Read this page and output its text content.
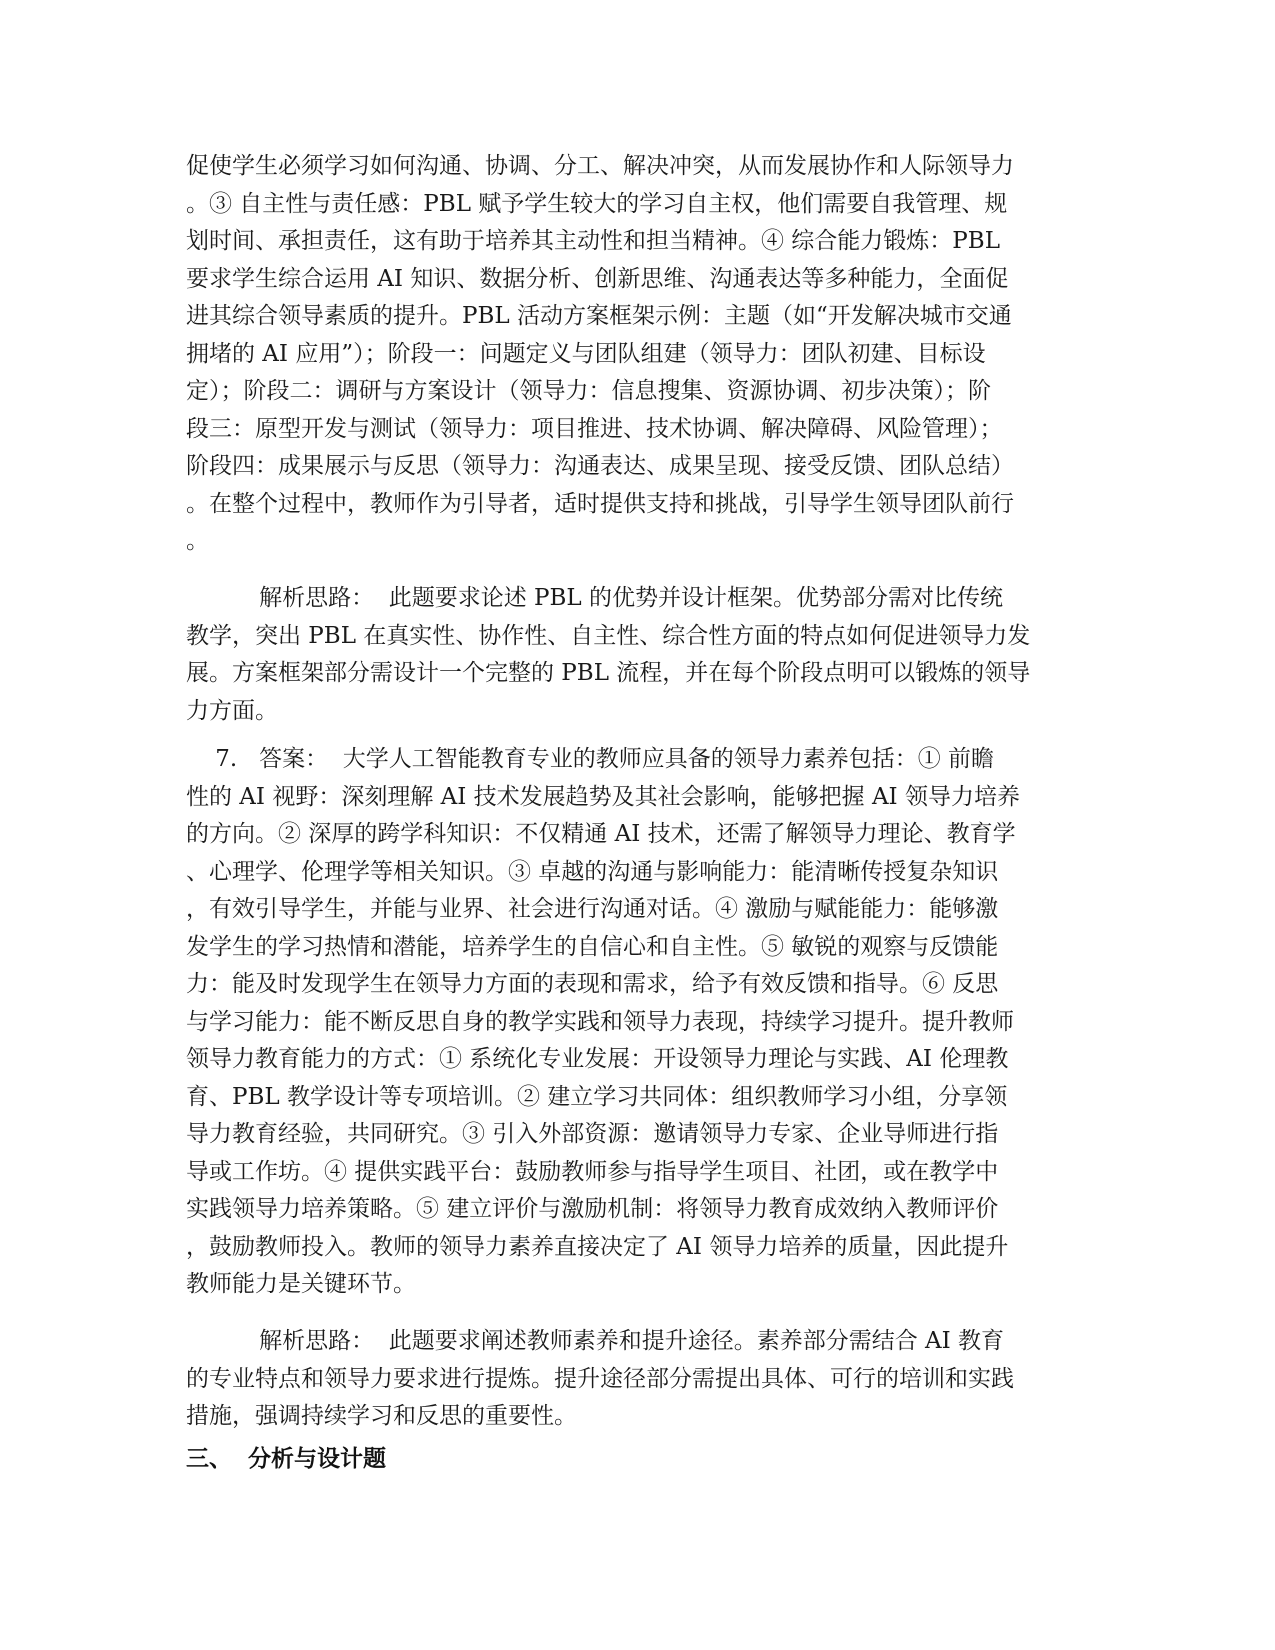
促使学生必须学习如何沟通、协调、分工、解决冲突，从而发展协作和人际领导力
。③ 自主性与责任感：PBL 赋予学生较大的学习自主权，他们需要自我管理、规
划时间、承担责任，这有助于培养其主动性和担当精神。④ 综合能力锻炼：PBL
要求学生综合运用 AI 知识、数据分析、创新思维、沟通表达等多种能力，全面促
进其综合领导素质的提升。PBL 活动方案框架示例：主题（如“开发解决城市交通
拥堵的 AI 应用”）；阶段一：问题定义与团队组建（领导力：团队初建、目标设
定）；阶段二：调研与方案设计（领导力：信息搜集、资源协调、初步决策）；阶
段三：原型开发与测试（领导力：项目推进、技术协调、解决障碍、风险管理）；
阶段四：成果展示与反思（领导力：沟通表达、成果呈现、接受反馈、团队总结）
。在整个过程中，教师作为引导者，适时提供支持和挑战，引导学生领导团队前行
。
解析思路：  此题要求论述 PBL 的优势并设计框架。优势部分需对比传统
教学，突出 PBL 在真实性、协作性、自主性、综合性方面的特点如何促进领导力发
展。方案框架部分需设计一个完整的 PBL 流程，并在每个阶段点明可以锻炼的领导
力方面。
7.   答案：  大学人工智能教育专业的教师应具备的领导力素养包括：① 前瞻
性的 AI 视野：深刻理解 AI 技术发展趋势及其社会影响，能够把握 AI 领导力培养
的方向。② 深厚的跨学科知识：不仅精通 AI 技术，还需了解领导力理论、教育学
、心理学、伦理学等相关知识。③ 卓越的沟通与影响能力：能清晰传授复杂知识
，有效引导学生，并能与业界、社会进行沟通对话。④ 激励与赋能能力：能够激
发学生的学习热情和潜能，培养学生的自信心和自主性。⑤ 敏锐的观察与反馈能
力：能及时发现学生在领导力方面的表现和需求，给予有效反馈和指导。⑥ 反思
与学习能力：能不断反思自身的教学实践和领导力表现，持续学习提升。提升教师
领导力教育能力的方式：① 系统化专业发展：开设领导力理论与实践、AI 伦理教
育、PBL 教学设计等专项培训。② 建立学习共同体：组织教师学习小组，分享领
导力教育经验，共同研究。③ 引入外部资源：邀请领导力专家、企业导师进行指
导或工作坊。④ 提供实践平台：鼓励教师参与指导学生项目、社团，或在教学中
实践领导力培养策略。⑤ 建立评价与激励机制：将领导力教育成效纳入教师评价
，鼓励教师投入。教师的领导力素养直接决定了 AI 领导力培养的质量，因此提升
教师能力是关键环节。
解析思路：  此题要求阐述教师素养和提升途径。素养部分需结合 AI 教育
的专业特点和领导力要求进行提炼。提升途径部分需提出具体、可行的培训和实践
措施，强调持续学习和反思的重要性。
三、  分析与设计题
